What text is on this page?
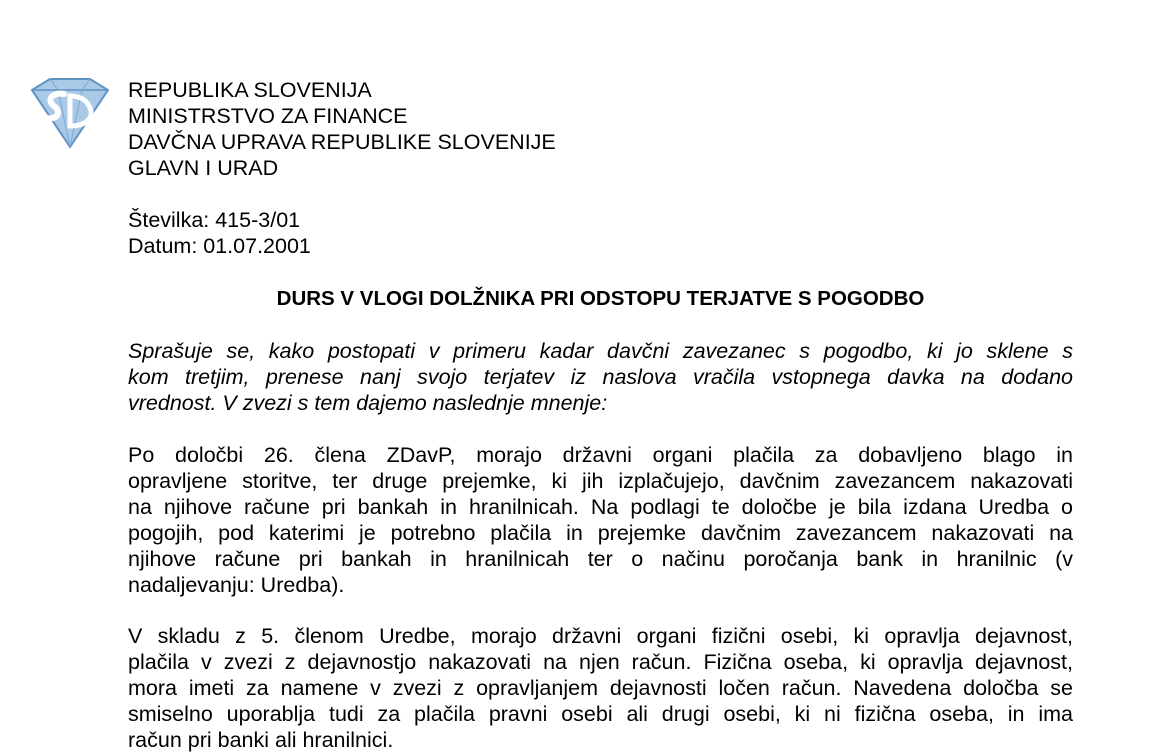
REPUBLIKA SLOVENIJA
MINISTRSTVO ZA FINANCE
DAVČNA UPRAVA REPUBLIKE SLOVENIJE
GLAVN I URAD
Številka: 415-3/01
Datum: 01.07.2001
DURS V VLOGI DOLŽNIKA PRI ODSTOPU TERJATVE S POGODBO
Sprašuje se, kako postopati v primeru kadar davčni zavezanec s pogodbo, ki jo sklene s
kom tretjim, prenese nanj svojo terjatev iz naslova vračila vstopnega davka na dodano
vrednost. V zvezi s tem dajemo naslednje mnenje:
Po določbi 26. člena ZDavP, morajo državni organi plačila za dobavljeno blago in
opravljene storitve, ter druge prejemke, ki jih izplačujejo, davčnim zavezancem nakazovati
na njihove račune pri bankah in hranilnicah. Na podlagi te določbe je bila izdana Uredba o
pogojih, pod katerimi je potrebno plačila in prejemke davčnim zavezancem nakazovati na
njihove račune pri bankah in hranilnicah ter o načinu poročanja bank in hranilnic (v
nadaljevanju: Uredba).
V skladu z 5. členom Uredbe, morajo državni organi fizični osebi, ki opravlja dejavnost,
plačila v zvezi z dejavnostjo nakazovati na njen račun. Fizična oseba, ki opravlja dejavnost,
mora imeti za namene v zvezi z opravljanjem dejavnosti ločen račun. Navedena določba se
smiselno uporablja tudi za plačila pravni osebi ali drugi osebi, ki ni fizična oseba, in ima
račun pri banki ali hranilnici.
